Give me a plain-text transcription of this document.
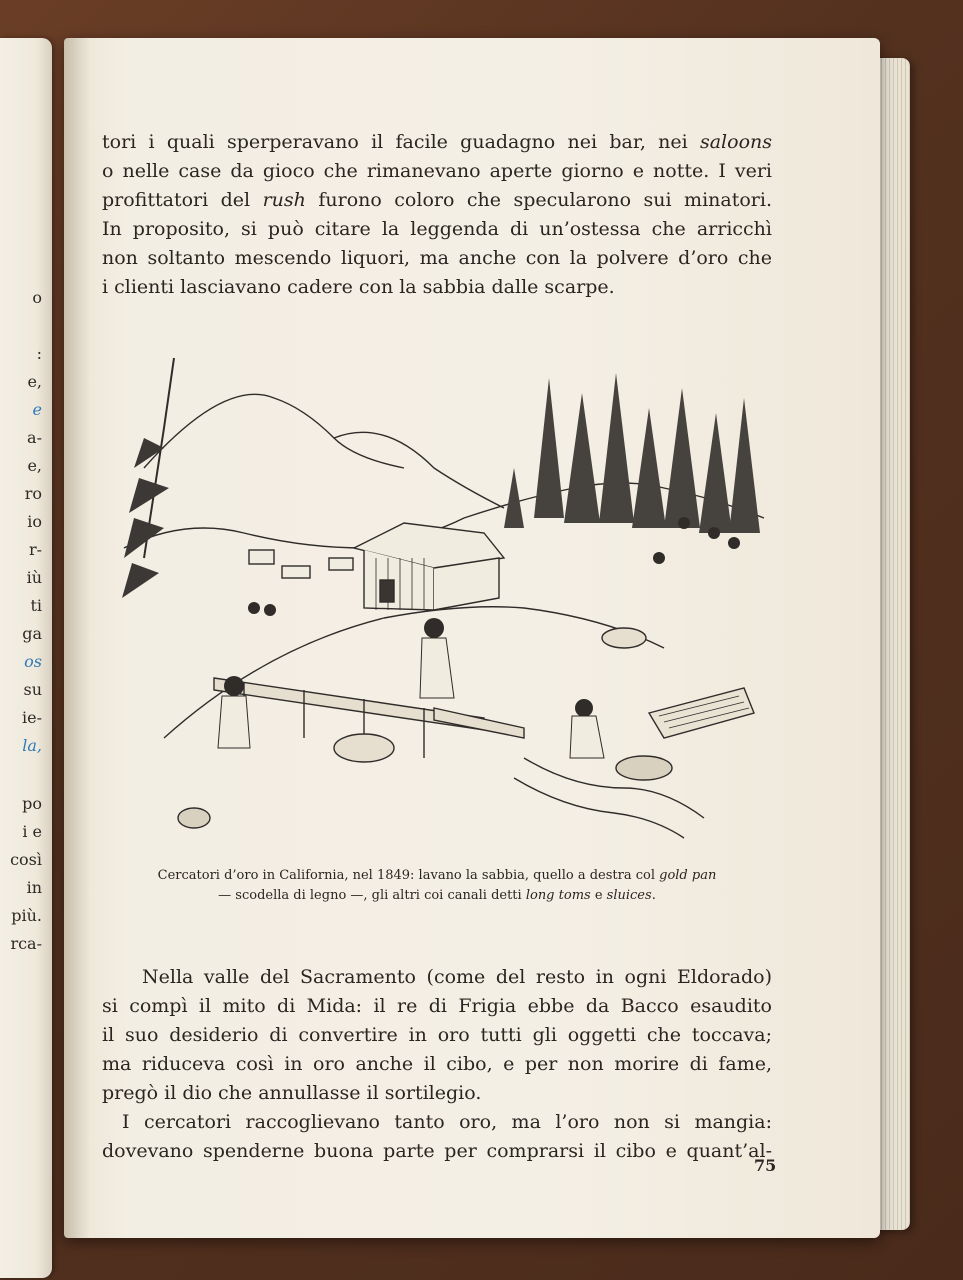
o
:
e,
e
a-
e,
ro
io
r-
iù
ti
ga
os
su
ie-
la,
po
i e
così
in
più.
rca-
tori i quali sperperavano il facile guadagno nei bar, nei saloons
o nelle case da gioco che rimanevano aperte giorno e notte. I veri
profittatori del rush furono coloro che specularono sui minatori.
In proposito, si può citare la leggenda di un’ostessa che arricchì
non soltanto mescendo liquori, ma anche con la polvere d’oro che
i clienti lasciavano cadere con la sabbia dalle scarpe.
Cercatori d’oro in California, nel 1849: lavano la sabbia, quello a destra col gold pan
— scodella di legno —, gli altri coi canali detti long toms e sluices.
Nella valle del Sacramento (come del resto in ogni Eldorado)
si compì il mito di Mida: il re di Frigia ebbe da Bacco esaudito
il suo desiderio di convertire in oro tutti gli oggetti che toccava;
ma riduceva così in oro anche il cibo, e per non morire di fame,
pregò il dio che annullasse il sortilegio.
I cercatori raccoglievano tanto oro, ma l’oro non si mangia:
dovevano spenderne buona parte per comprarsi il cibo e quant’al-
75
